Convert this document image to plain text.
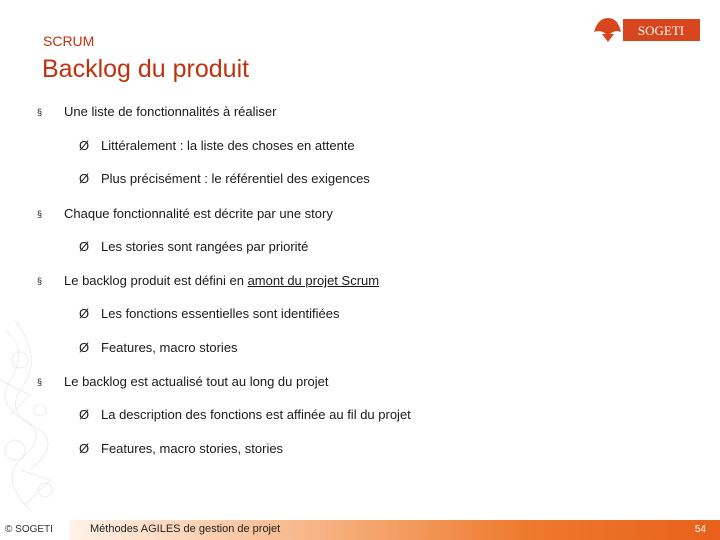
SCRUM
Backlog du produit
SOGETI
§ Une liste de fonctionnalités à réaliser
Ø Littéralement : la liste des choses en attente
Ø Plus précisément : le référentiel des exigences
§ Chaque fonctionnalité est décrite par une story
Ø Les stories sont rangées par priorité
§ Le backlog produit est défini en amont du projet Scrum
Ø Les fonctions essentielles sont identifiées
Ø Features, macro stories
§ Le backlog est actualisé tout au long du projet
Ø La description des fonctions est affinée au fil du projet
Ø Features, macro stories, stories
© SOGETI	Méthodes AGILES de gestion de projet	54
